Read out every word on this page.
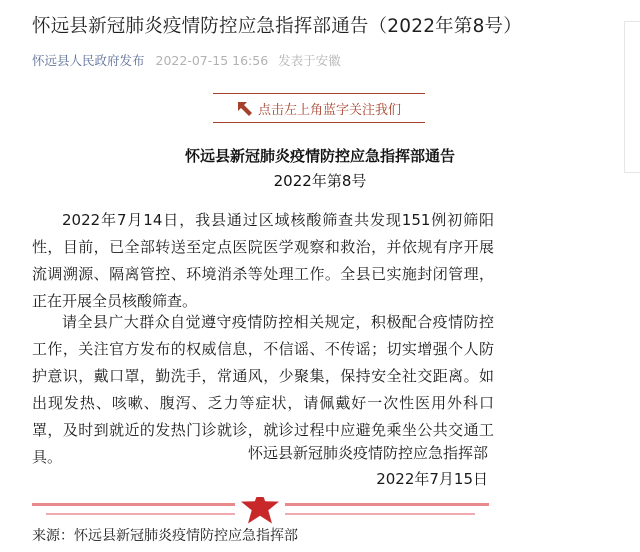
怀远县新冠肺炎疫情防控应急指挥部通告（2022年第8号）
怀远县人民政府发布 2022-07-15 16:56 发表于安徽
点击左上角蓝字关注我们
怀远县新冠肺炎疫情防控应急指挥部通告
2022年第8号

2022年7月14日，我县通过区域核酸筛查共发现151例初筛阳性，目前，已全部转送至定点医院医学观察和救治，并依规有序开展流调溯源、隔离管控、环境消杀等处理工作。全县已实施封闭管理，正在开展全员核酸筛查。

请全县广大群众自觉遵守疫情防控相关规定，积极配合疫情防控工作，关注官方发布的权威信息，不信谣、不传谣；切实增强个人防护意识，戴口罩，勤洗手，常通风，少聚集，保持安全社交距离。如出现发热、咳嗽、腹泻、乏力等症状，请佩戴好一次性医用外科口罩，及时到就近的发热门诊就诊，就诊过程中应避免乘坐公共交通工具。	怀远县新冠肺炎疫情防控应急指挥部
2022年7月15日
来源：怀远县新冠肺炎疫情防控应急指挥部
